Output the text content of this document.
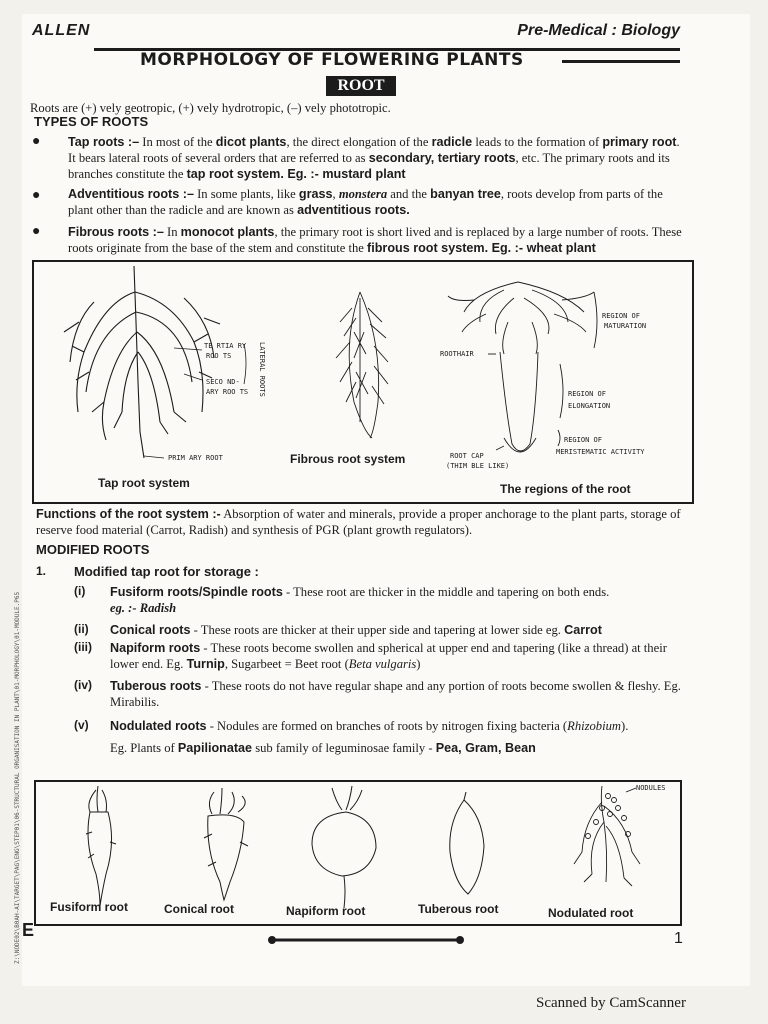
ALLEN	Pre-Medical : Biology
MORPHOLOGY OF FLOWERING PLANTS
ROOT
Roots are (+) vely geotropic, (+) vely hydrotropic, (–) vely phototropic.
TYPES OF ROOTS
● Tap roots :– In most of the dicot plants, the direct elongation of the radicle leads to the formation of primary root. It bears lateral roots of several orders that are referred to as secondary, tertiary roots, etc. The primary roots and its branches constitute the tap root system. Eg. :- mustard plant
● Adventitious roots :– In some plants, like grass, monstera and the banyan tree, roots develop from parts of the plant other than the radicle and are known as adventitious roots.
● Fibrous roots :– In monocot plants, the primary root is short lived and is replaced by a large number of roots. These roots originate from the base of the stem and constitute the fibrous root system. Eg. :- wheat plant
TE RTIA RY
ROO TS
SECO ND-
ARY ROO TS LATERAL ROOTS
PRIM ARY ROOT
REGION OF
MATURATION
ROOTHAIR
REGION OF
ELONGATION
REGION OF
MERISTEMATIC ACTIVITY
ROOT CAP
(THIM BLE LIKE)
Tap root system
Fibrous root system
The regions of the root
Functions of the root system :- Absorption of water and minerals, provide a proper anchorage to the plant parts, storage of reserve food material (Carrot, Radish) and synthesis of PGR (plant growth regulators).
MODIFIED ROOTS
1. Modified tap root for storage :
(i) Fusiform roots/Spindle roots - These root are thicker in the middle and tapering on both ends.
eg. :- Radish
(ii) Conical roots - These roots are thicker at their upper side and tapering at lower side eg. Carrot
(iii) Napiform roots - These roots become swollen and spherical at upper end and tapering (like a thread) at their lower end. Eg. Turnip, Sugarbeet = Beet root (Beta vulgaris)
(iv) Tuberous roots - These roots do not have regular shape and any portion of roots become swollen & fleshy. Eg. Mirabilis.
(v) Nodulated roots - Nodules are formed on branches of roots by nitrogen fixing bacteria (Rhizobium).
Eg. Plants of Papilionatae sub family of leguminosae family - Pea, Gram, Bean
NODULES
Fusiform root	Conical root	Napiform root	Tuberous root	Nodulated root
Z:\NODE02\B0AH-AI\TARGET\PAG\ENG\STEP01\06-STRUCTURAL ORGANISATION IN PLANT\01-MORPHOLOGY\01-MODULE.P65 E	1
Scanned by CamScanner
